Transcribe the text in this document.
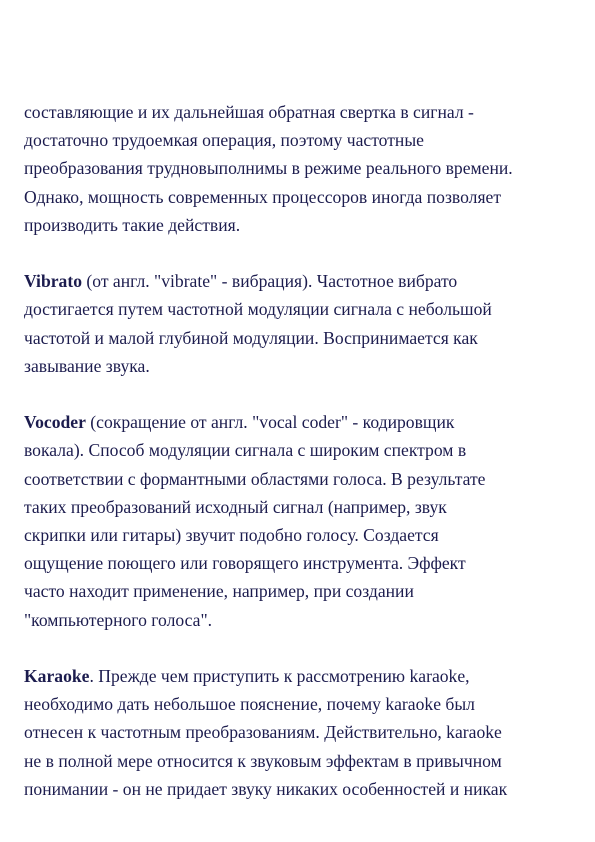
составляющие и их дальнейшая обратная свертка в сигнал -
достаточно трудоемкая операция, поэтому частотные
преобразования трудновыполнимы в режиме реального времени.
Однако, мощность современных процессоров иногда позволяет
производить такие действия.

Vibrato (от англ. "vibrate" - вибрация). Частотное вибрато
достигается путем частотной модуляции сигнала с небольшой
частотой и малой глубиной модуляции. Воспринимается как
завывание звука.

Vocoder (сокращение от англ. "vocal coder" - кодировщик
вокала). Способ модуляции сигнала с широким спектром в
соответствии с формантными областями голоса. В результате
таких преобразований исходный сигнал (например, звук
скрипки или гитары) звучит подобно голосу. Создается
ощущение поющего или говорящего инструмента. Эффект
часто находит применение, например, при создании
"компьютерного голоса".

Karaoke. Прежде чем приступить к рассмотрению karaoke,
необходимо дать небольшое пояснение, почему karaoke был
отнесен к частотным преобразованиям. Действительно, karaoke
не в полной мере относится к звуковым эффектам в привычном
понимании - он не придает звуку никаких особенностей и никак
